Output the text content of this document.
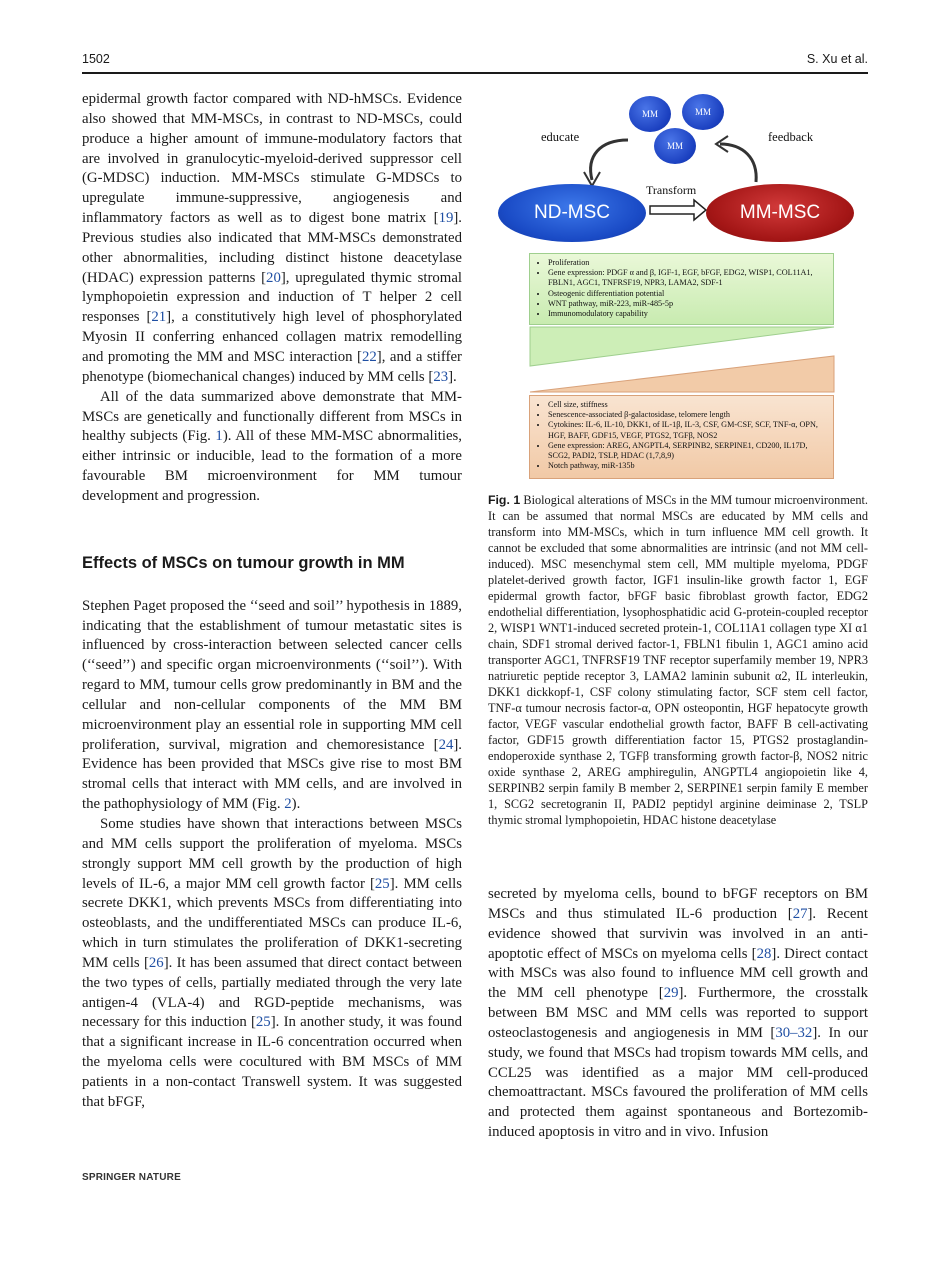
1502	S. Xu et al.

epidermal growth factor compared with ND-hMSCs. Evidence also showed that MM-MSCs, in contrast to ND-MSCs, could produce a higher amount of immune-modulatory factors that are involved in granulocytic-myeloid-derived suppressor cell (G-MDSC) induction. MM-MSCs stimulate G-MDSCs to upregulate immune-suppressive, angiogenesis and inflammatory factors as well as to digest bone matrix [19]. Previous studies also indicated that MM-MSCs demonstrated other abnormalities, including distinct histone deacetylase (HDAC) expression patterns [20], upregulated thymic stromal lymphopoietin expression and induction of T helper 2 cell responses [21], a constitutively high level of phosphorylated Myosin II conferring enhanced collagen matrix remodelling and promoting the MM and MSC interaction [22], and a stiffer phenotype (biomechanical changes) induced by MM cells [23].

All of the data summarized above demonstrate that MM-MSCs are genetically and functionally different from MSCs in healthy subjects (Fig. 1). All of these MM-MSC abnormalities, either intrinsic or inducible, lead to the formation of a more favourable BM microenvironment for MM tumour development and progression.

Effects of MSCs on tumour growth in MM

Stephen Paget proposed the ‘‘seed and soil’’ hypothesis in 1889, indicating that the establishment of tumour metastatic sites is influenced by cross-interaction between selected cancer cells (‘‘seed’’) and specific organ microenvironments (‘‘soil’’). With regard to MM, tumour cells grow predominantly in BM and the cellular and non-cellular components of the MM BM microenvironment play an essential role in supporting MM cell proliferation, survival, migration and chemoresistance [24]. Evidence has been provided that MSCs give rise to most BM stromal cells that interact with MM cells, and are involved in the pathophysiology of MM (Fig. 2).

Some studies have shown that interactions between MSCs and MM cells support the proliferation of myeloma. MSCs strongly support MM cell growth by the production of high levels of IL-6, a major MM cell growth factor [25]. MM cells secrete DKK1, which prevents MSCs from differentiating into osteoblasts, and the undifferentiated MSCs can produce IL-6, which in turn stimulates the proliferation of DKK1-secreting MM cells [26]. It has been assumed that direct contact between the two types of cells, partially mediated through the very late antigen-4 (VLA-4) and RGD-peptide mechanisms, was necessary for this induction [25]. In another study, it was found that a significant increase in IL-6 concentration occurred when the myeloma cells were cocultured with BM MSCs of MM patients in a non-contact Transwell system. It was suggested that bFGF,

MM	MM
MM
educate	feedback
Transform
ND-MSC	MM-MSC
• Proliferation
• Gene expression: PDGF α and β, IGF-1, EGF, bFGF, EDG2, WISP1, COL11A1, FBLN1, AGC1, TNFRSF19, NPR3, LAMA2, SDF-1
• Osteogenic differentiation potential
• WNT pathway, miR-223, miR-485-5p
• Immunomodulatory capability
• Cell size, stiffness
• Senescence-associated β-galactosidase, telomere length
• Cytokines: IL-6, IL-10, DKK1, of IL-1β, IL-3, CSF, GM-CSF, SCF, TNF-α, OPN, HGF, BAFF, GDF15, VEGF, PTGS2, TGFβ, NOS2
• Gene expression: AREG, ANGPTL4, SERPINB2, SERPINE1, CD200, IL17D, SCG2, PADI2, TSLP, HDAC (1,7,8,9)
• Notch pathway, miR-135b
Fig. 1 Biological alterations of MSCs in the MM tumour microenvironment. It can be assumed that normal MSCs are educated by MM cells and transform into MM-MSCs, which in turn influence MM cell growth. It cannot be excluded that some abnormalities are intrinsic (and not MM cell-induced). MSC mesenchymal stem cell, MM multiple myeloma, PDGF platelet-derived growth factor, IGF1 insulin-like growth factor 1, EGF epidermal growth factor, bFGF basic fibroblast growth factor, EDG2 endothelial differentiation, lysophosphatidic acid G-protein-coupled receptor 2, WISP1 WNT1-induced secreted protein-1, COL11A1 collagen type XI α1 chain, SDF1 stromal derived factor-1, FBLN1 fibulin 1, AGC1 amino acid transporter AGC1, TNFRSF19 TNF receptor superfamily member 19, NPR3 natriuretic peptide receptor 3, LAMA2 laminin subunit α2, IL interleukin, DKK1 dickkopf-1, CSF colony stimulating factor, SCF stem cell factor, TNF-α tumour necrosis factor-α, OPN osteopontin, HGF hepatocyte growth factor, VEGF vascular endothelial growth factor, BAFF B cell-activating factor, GDF15 growth differentiation factor 15, PTGS2 prostaglandin-endoperoxide synthase 2, TGFβ transforming growth factor-β, NOS2 nitric oxide synthase 2, AREG amphiregulin, ANGPTL4 angiopoietin like 4, SERPINB2 serpin family B member 2, SERPINE1 serpin family E member 1, SCG2 secretogranin II, PADI2 peptidyl arginine deiminase 2, TSLP thymic stromal lymphopoietin, HDAC histone deacetylase

secreted by myeloma cells, bound to bFGF receptors on BM MSCs and thus stimulated IL-6 production [27]. Recent evidence showed that survivin was involved in an anti-apoptotic effect of MSCs on myeloma cells [28]. Direct contact with MSCs was also found to influence MM cell growth and the MM cell phenotype [29]. Furthermore, the crosstalk between BM MSC and MM cells was reported to support osteoclastogenesis and angiogenesis in MM [30–32]. In our study, we found that MSCs had tropism towards MM cells, and CCL25 was identified as a major MM cell-produced chemoattractant. MSCs favoured the proliferation of MM cells and protected them against spontaneous and Bortezomib-induced apoptosis in vitro and in vivo. Infusion

SPRINGER NATURE
